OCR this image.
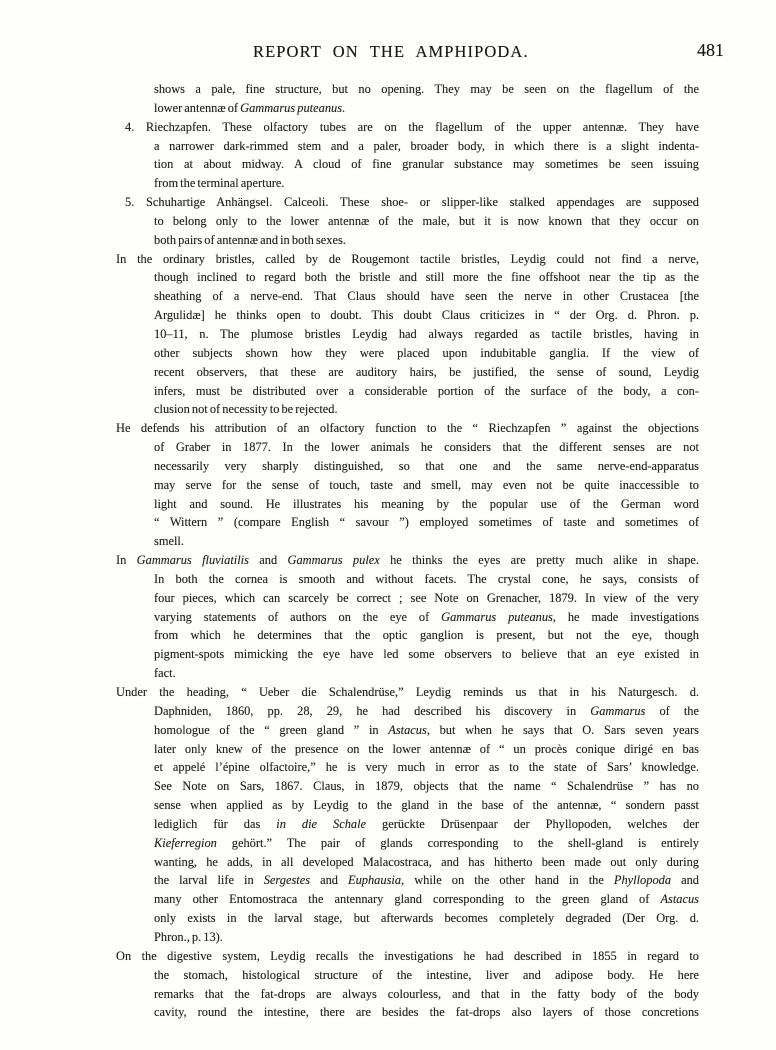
REPORT ON THE AMPHIPODA.	481
shows a pale, fine structure, but no opening. They may be seen on the flagellum of the
lower antennæ of Gammarus puteanus.
4. Riechzapfen. These olfactory tubes are on the flagellum of the upper antennæ. They have
a narrower dark-rimmed stem and a paler, broader body, in which there is a slight indenta-
tion at about midway. A cloud of fine granular substance may sometimes be seen issuing
from the terminal aperture.
5. Schuhartige Anhängsel. Calceoli. These shoe- or slipper-like stalked appendages are supposed
to belong only to the lower antennæ of the male, but it is now known that they occur on
both pairs of antennæ and in both sexes.
In the ordinary bristles, called by de Rougemont tactile bristles, Leydig could not find a nerve,
though inclined to regard both the bristle and still more the fine offshoot near the tip as the
sheathing of a nerve-end. That Claus should have seen the nerve in other Crustacea [the
Argulidæ] he thinks open to doubt. This doubt Claus criticizes in “ der Org. d. Phron. p.
10–11, n. The plumose bristles Leydig had always regarded as tactile bristles, having in
other subjects shown how they were placed upon indubitable ganglia. If the view of
recent observers, that these are auditory hairs, be justified, the sense of sound, Leydig
infers, must be distributed over a considerable portion of the surface of the body, a con-
clusion not of necessity to be rejected.
He defends his attribution of an olfactory function to the “ Riechzapfen ” against the objections
of Graber in 1877. In the lower animals he considers that the different senses are not
necessarily very sharply distinguished, so that one and the same nerve-end-apparatus
may serve for the sense of touch, taste and smell, may even not be quite inaccessible to
light and sound. He illustrates his meaning by the popular use of the German word
“ Wittern ” (compare English “ savour ”) employed sometimes of taste and sometimes of
smell.
In Gammarus fluviatilis and Gammarus pulex he thinks the eyes are pretty much alike in shape.
In both the cornea is smooth and without facets. The crystal cone, he says, consists of
four pieces, which can scarcely be correct ; see Note on Grenacher, 1879. In view of the very
varying statements of authors on the eye of Gammarus puteanus, he made investigations
from which he determines that the optic ganglion is present, but not the eye, though
pigment-spots mimicking the eye have led some observers to believe that an eye existed in
fact.
Under the heading, “ Ueber die Schalendrüse,” Leydig reminds us that in his Naturgesch. d.
Daphniden, 1860, pp. 28, 29, he had described his discovery in Gammarus of the
homologue of the “ green gland ” in Astacus, but when he says that O. Sars seven years
later only knew of the presence on the lower antennæ of “ un procès conique dirigé en bas
et appelé l’épine olfactoire,” he is very much in error as to the state of Sars’ knowledge.
See Note on Sars, 1867. Claus, in 1879, objects that the name “ Schalendrüse ” has no
sense when applied as by Leydig to the gland in the base of the antennæ, “ sondern passt
lediglich für das in die Schale gerückte Drüsenpaar der Phyllopoden, welches der
Kieferregion gehört.” The pair of glands corresponding to the shell-gland is entirely
wanting, he adds, in all developed Malacostraca, and has hitherto been made out only during
the larval life in Sergestes and Euphausia, while on the other hand in the Phyllopoda and
many other Entomostraca the antennary gland corresponding to the green gland of Astacus
only exists in the larval stage, but afterwards becomes completely degraded (Der Org. d.
Phron., p. 13).
On the digestive system, Leydig recalls the investigations he had described in 1855 in regard to
the stomach, histological structure of the intestine, liver and adipose body. He here
remarks that the fat-drops are always colourless, and that in the fatty body of the body
cavity, round the intestine, there are besides the fat-drops also layers of those concretions
